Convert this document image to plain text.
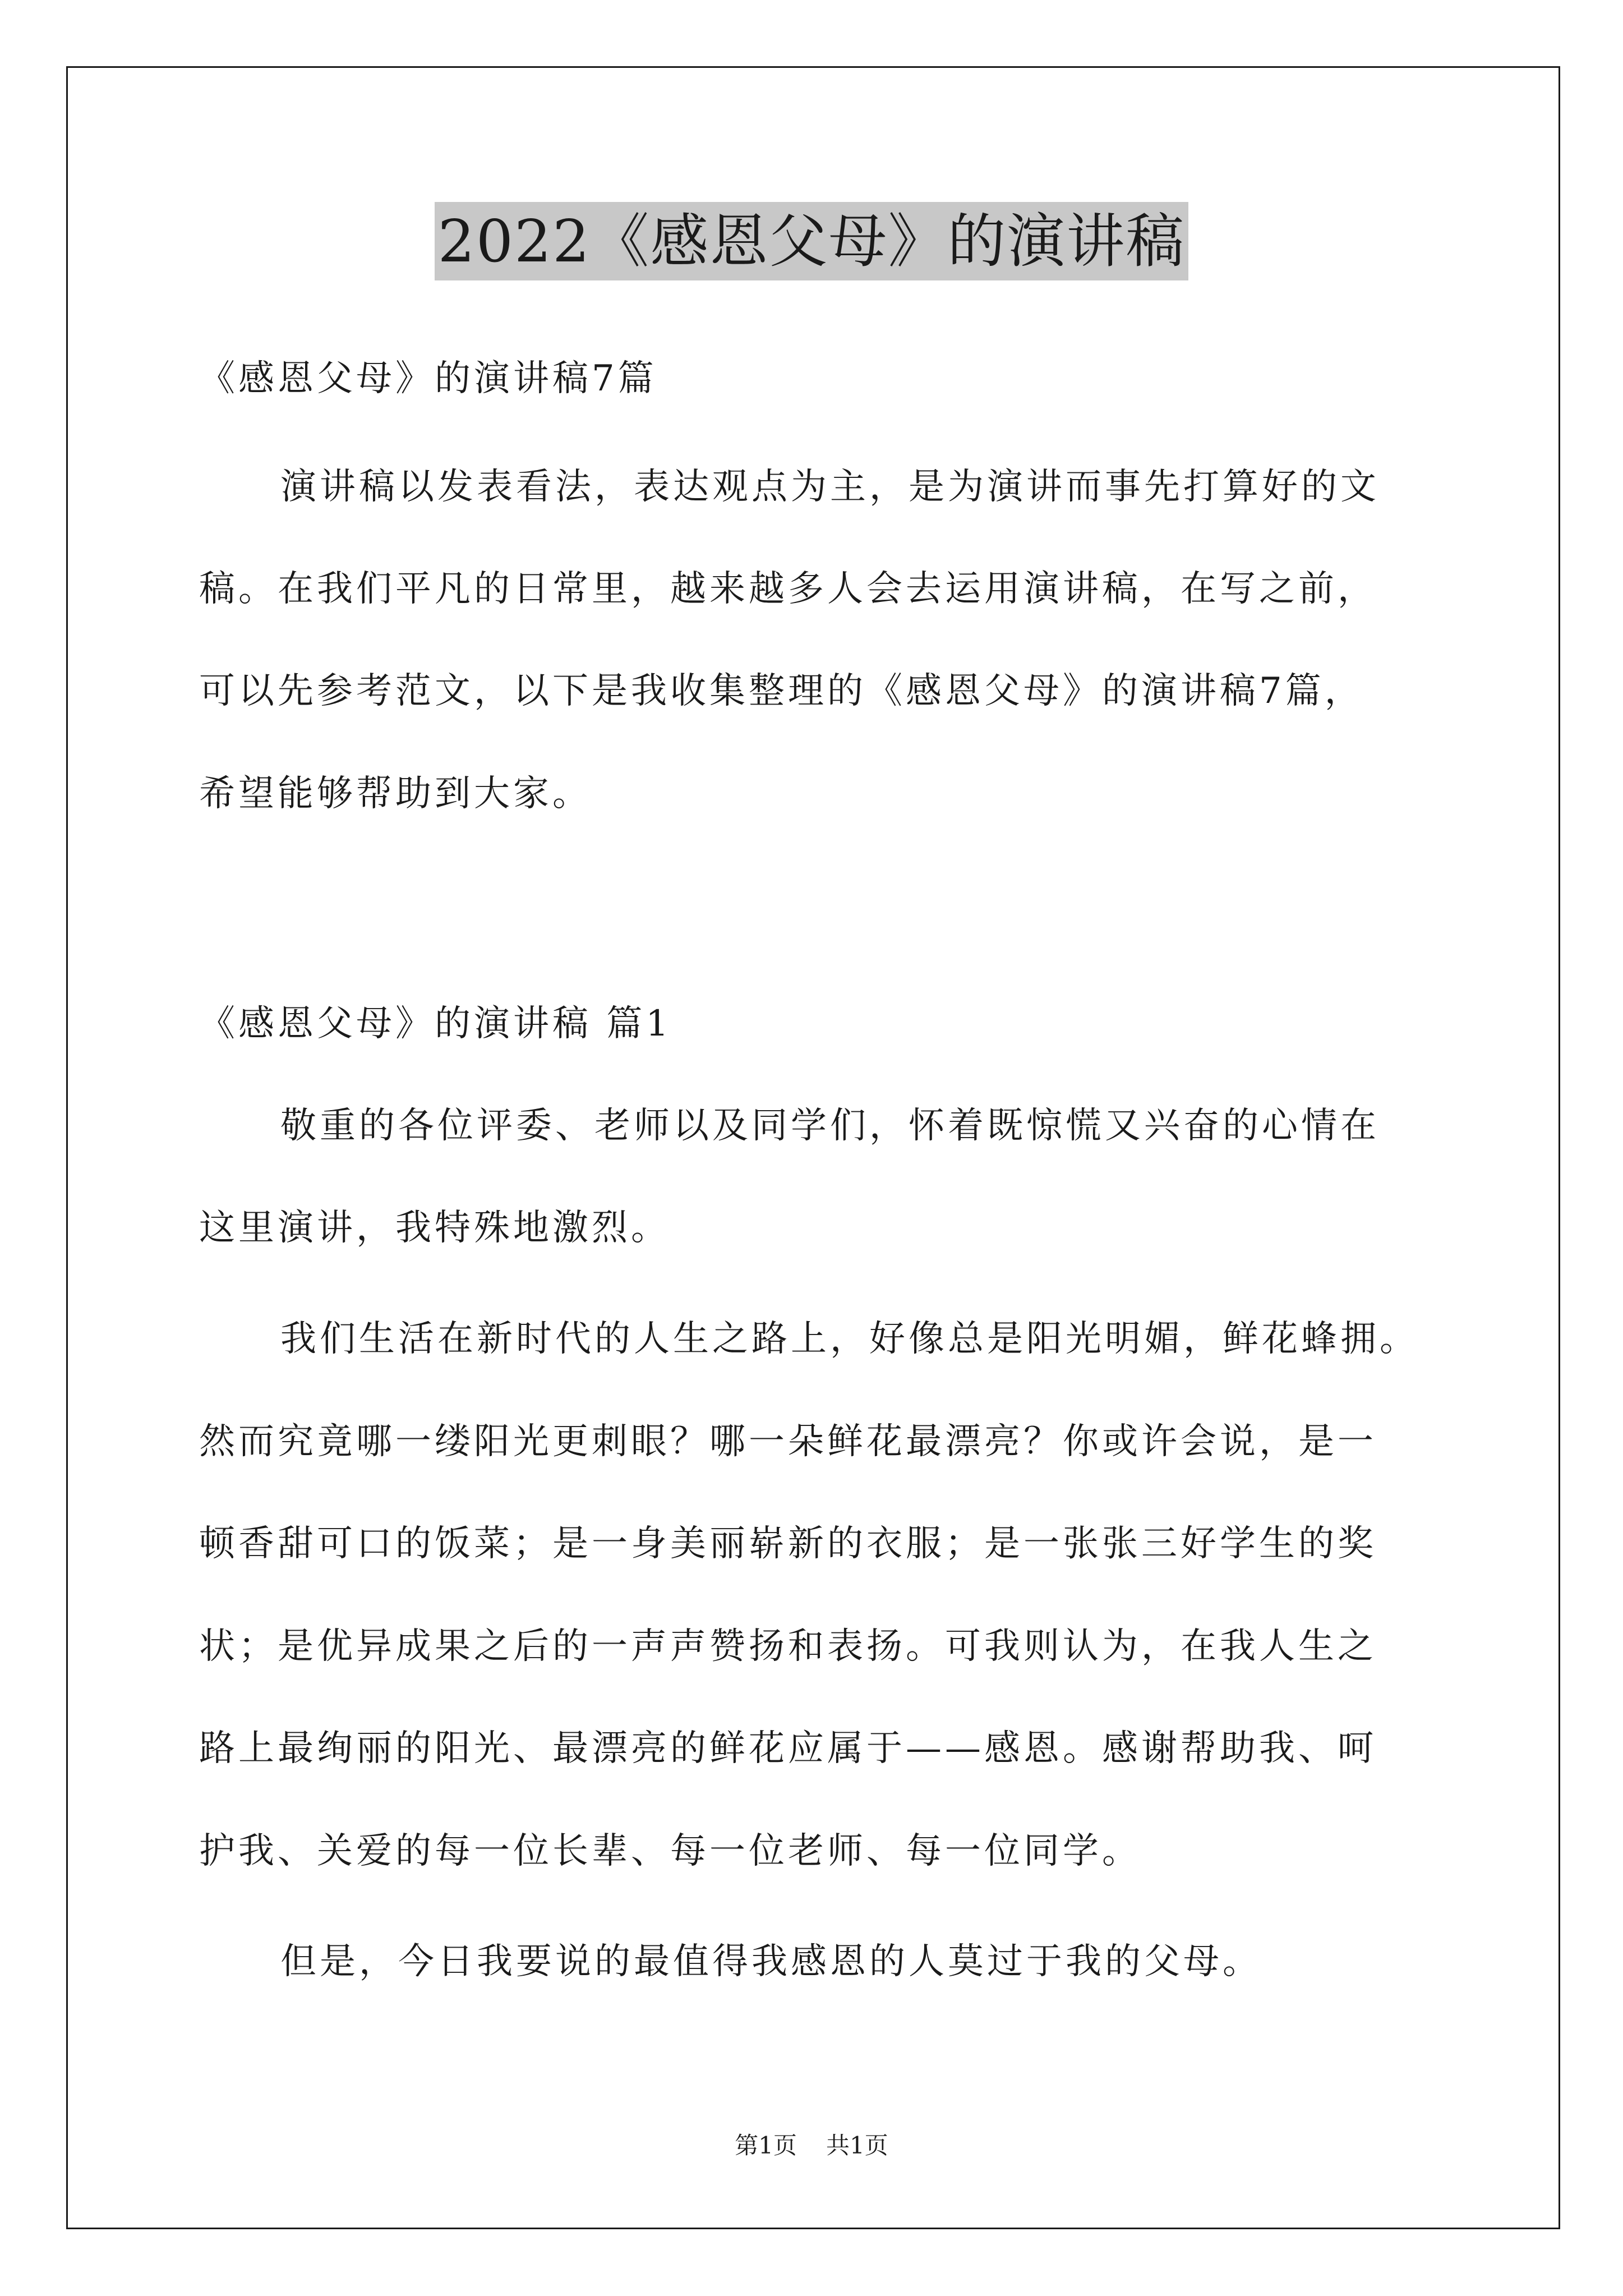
2022《感恩父母》的演讲稿
《感恩父母》的演讲稿7篇
演讲稿以发表看法，表达观点为主，是为演讲而事先打算好的文
稿。在我们平凡的日常里，越来越多人会去运用演讲稿，在写之前，
可以先参考范文，以下是我收集整理的《感恩父母》的演讲稿7篇，
希望能够帮助到大家。
《感恩父母》的演讲稿 篇1
敬重的各位评委、老师以及同学们，怀着既惊慌又兴奋的心情在
这里演讲，我特殊地激烈。
我们生活在新时代的人生之路上，好像总是阳光明媚，鲜花蜂拥。
然而究竟哪一缕阳光更刺眼？哪一朵鲜花最漂亮？你或许会说，是一
顿香甜可口的饭菜；是一身美丽崭新的衣服；是一张张三好学生的奖
状；是优异成果之后的一声声赞扬和表扬。可我则认为，在我人生之
路上最绚丽的阳光、最漂亮的鲜花应属于——感恩。感谢帮助我、呵
护我、关爱的每一位长辈、每一位老师、每一位同学。
但是，今日我要说的最值得我感恩的人莫过于我的父母。
第1页 共1页
